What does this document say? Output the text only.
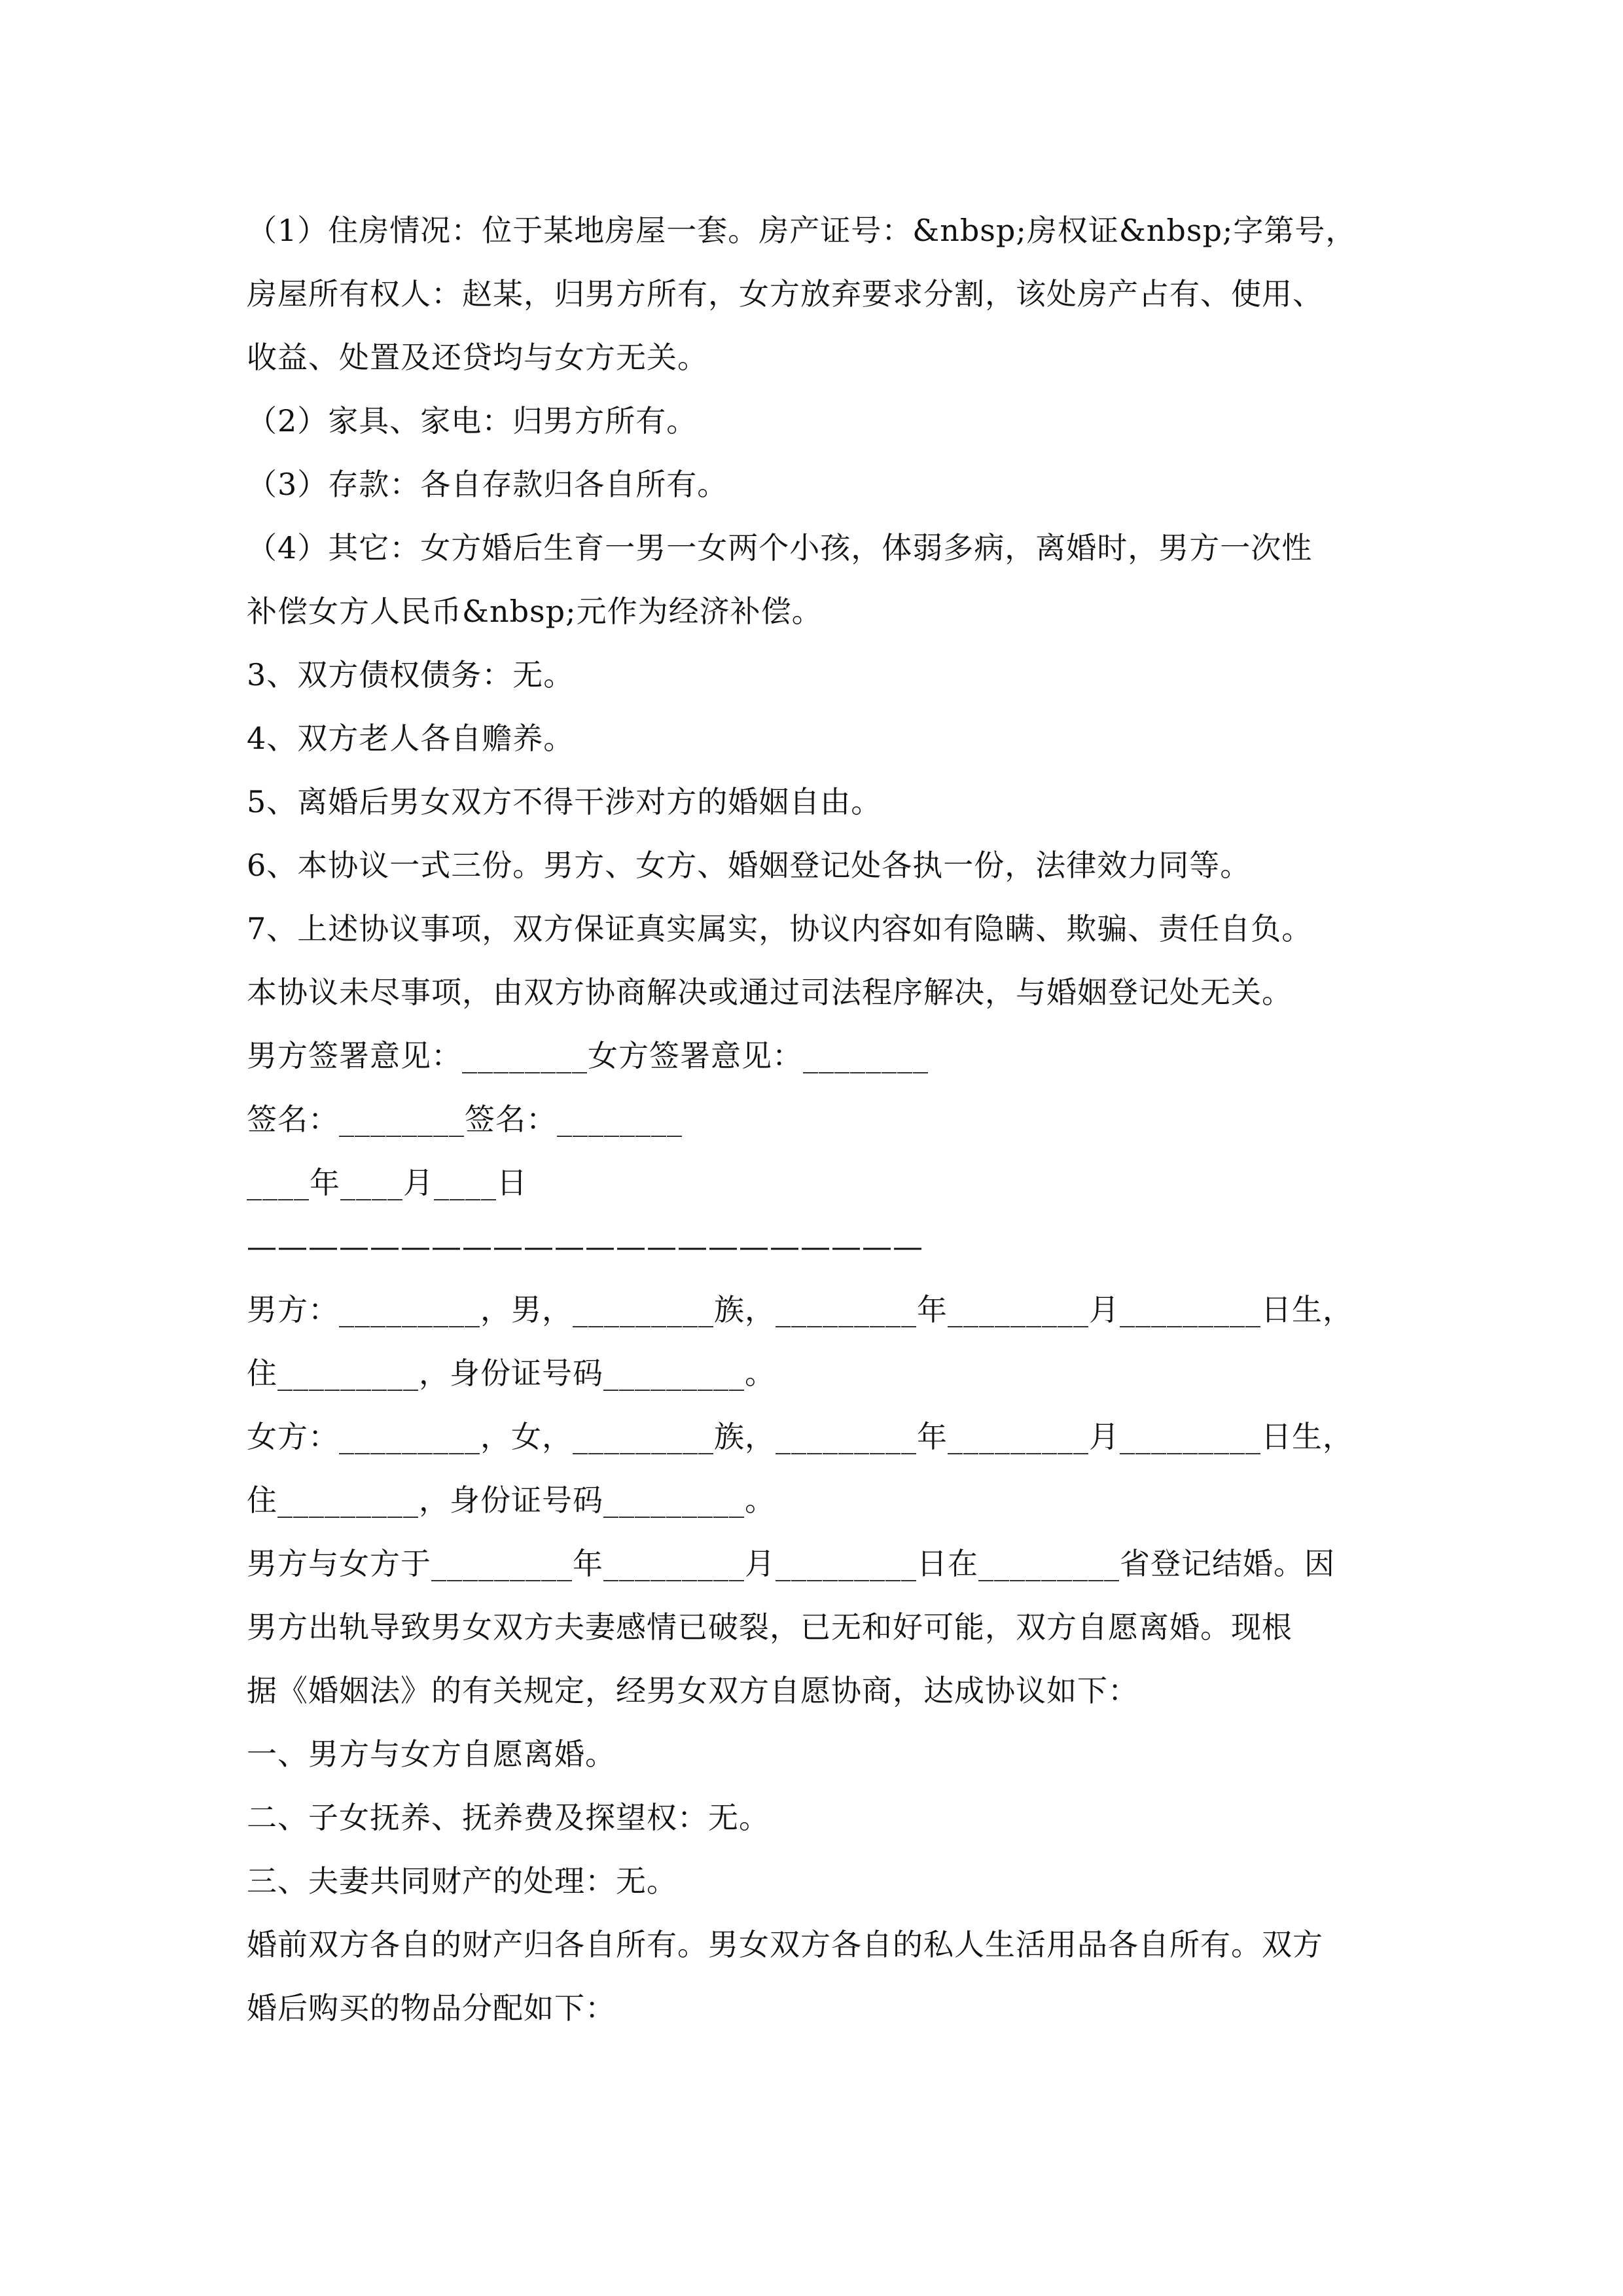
（1）住房情况：位于某地房屋一套。房产证号：&nbsp;房权证&nbsp;字第号，
房屋所有权人：赵某，归男方所有，女方放弃要求分割，该处房产占有、使用、
收益、处置及还贷均与女方无关。
（2）家具、家电：归男方所有。
（3）存款：各自存款归各自所有。
（4）其它：女方婚后生育一男一女两个小孩，体弱多病，离婚时，男方一次性
补偿女方人民币&nbsp;元作为经济补偿。
3、双方债权债务：无。
4、双方老人各自赡养。
5、离婚后男女双方不得干涉对方的婚姻自由。
6、本协议一式三份。男方、女方、婚姻登记处各执一份，法律效力同等。
7、上述协议事项，双方保证真实属实，协议内容如有隐瞒、欺骗、责任自负。
本协议未尽事项，由双方协商解决或通过司法程序解决，与婚姻登记处无关。
男方签署意见：________女方签署意见：________
签名：________签名：________
____年____月____日
——————————————————————
男方：_________，男，_________族，_________年_________月_________日生，
住_________，身份证号码_________。
女方：_________，女，_________族，_________年_________月_________日生，
住_________，身份证号码_________。
男方与女方于_________年_________月_________日在_________省登记结婚。因
男方出轨导致男女双方夫妻感情已破裂，已无和好可能，双方自愿离婚。现根
据《婚姻法》的有关规定，经男女双方自愿协商，达成协议如下：
一、男方与女方自愿离婚。
二、子女抚养、抚养费及探望权：无。
三、夫妻共同财产的处理：无。
婚前双方各自的财产归各自所有。男女双方各自的私人生活用品各自所有。双方
婚后购买的物品分配如下：
